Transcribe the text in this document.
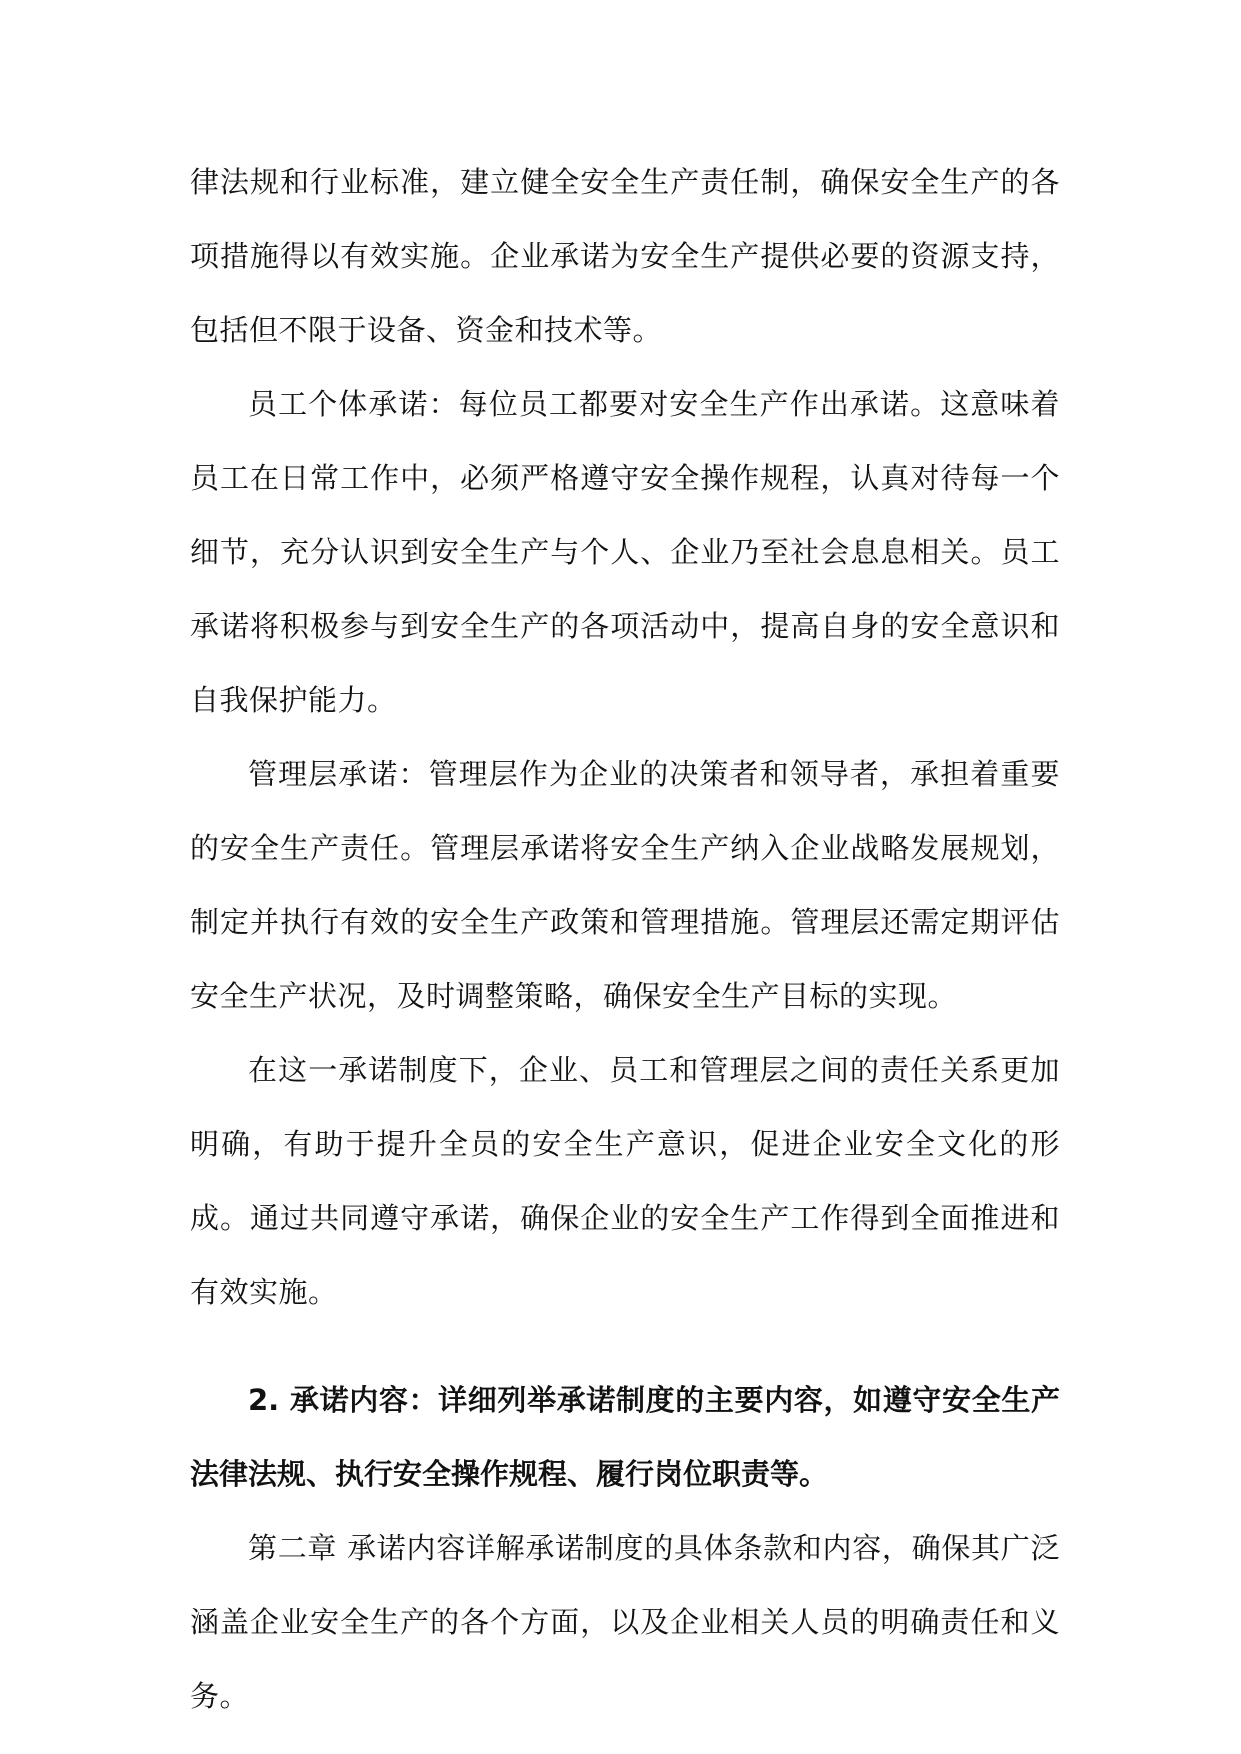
律法规和行业标准，建立健全安全生产责任制，确保安全生产的各项措施得以有效实施。企业承诺为安全生产提供必要的资源支持，包括但不限于设备、资金和技术等。

员工个体承诺：每位员工都要对安全生产作出承诺。这意味着员工在日常工作中，必须严格遵守安全操作规程，认真对待每一个细节，充分认识到安全生产与个人、企业乃至社会息息相关。员工承诺将积极参与到安全生产的各项活动中，提高自身的安全意识和自我保护能力。

管理层承诺：管理层作为企业的决策者和领导者，承担着重要的安全生产责任。管理层承诺将安全生产纳入企业战略发展规划，制定并执行有效的安全生产政策和管理措施。管理层还需定期评估安全生产状况，及时调整策略，确保安全生产目标的实现。

在这一承诺制度下，企业、员工和管理层之间的责任关系更加明确，有助于提升全员的安全生产意识，促进企业安全文化的形成。通过共同遵守承诺，确保企业的安全生产工作得到全面推进和有效实施。

2. 承诺内容：详细列举承诺制度的主要内容，如遵守安全生产法律法规、执行安全操作规程、履行岗位职责等。

第二章 承诺内容详解承诺制度的具体条款和内容，确保其广泛涵盖企业安全生产的各个方面，以及企业相关人员的明确责任和义务。
